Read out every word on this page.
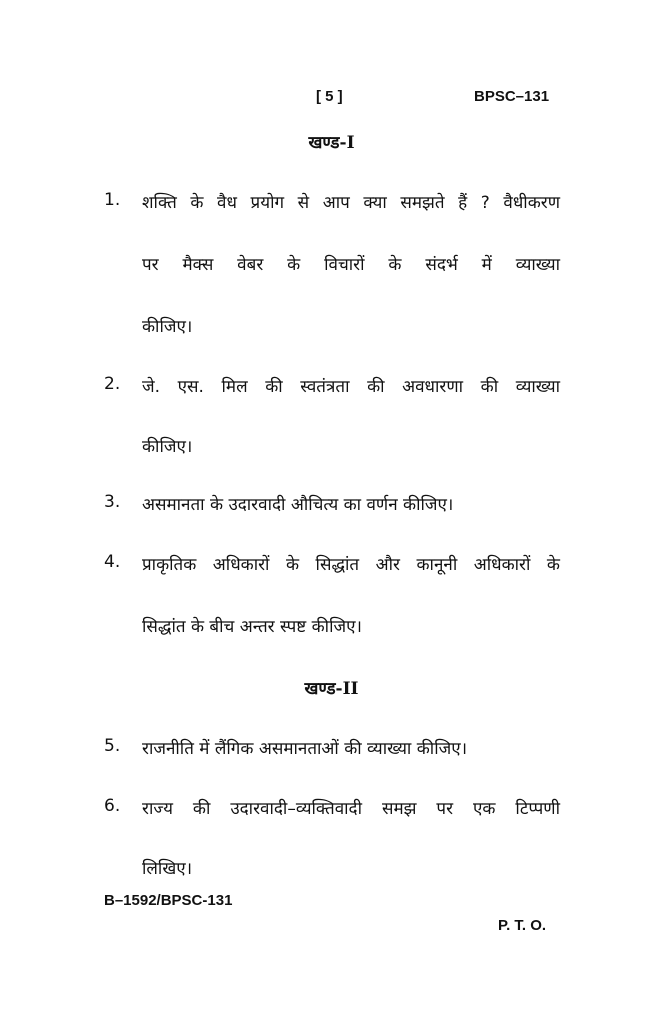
[ 5 ]	BPSC–131
खण्ड-I
1. शक्ति के वैध प्रयोग से आप क्या समझते हैं ? वैधीकरण
पर मैक्स वेबर के विचारों के संदर्भ में व्याख्या
कीजिए।
2. जे. एस. मिल की स्वतंत्रता की अवधारणा की व्याख्या
कीजिए।
3. असमानता के उदारवादी औचित्य का वर्णन कीजिए।
4. प्राकृतिक अधिकारों के सिद्धांत और कानूनी अधिकारों के
सिद्धांत के बीच अन्तर स्पष्ट कीजिए।
खण्ड-II
5. राजनीति में लैंगिक असमानताओं की व्याख्या कीजिए।
6. राज्य की उदारवादी–व्यक्तिवादी समझ पर एक टिप्पणी
लिखिए।
B–1592/BPSC-131
P. T. O.
